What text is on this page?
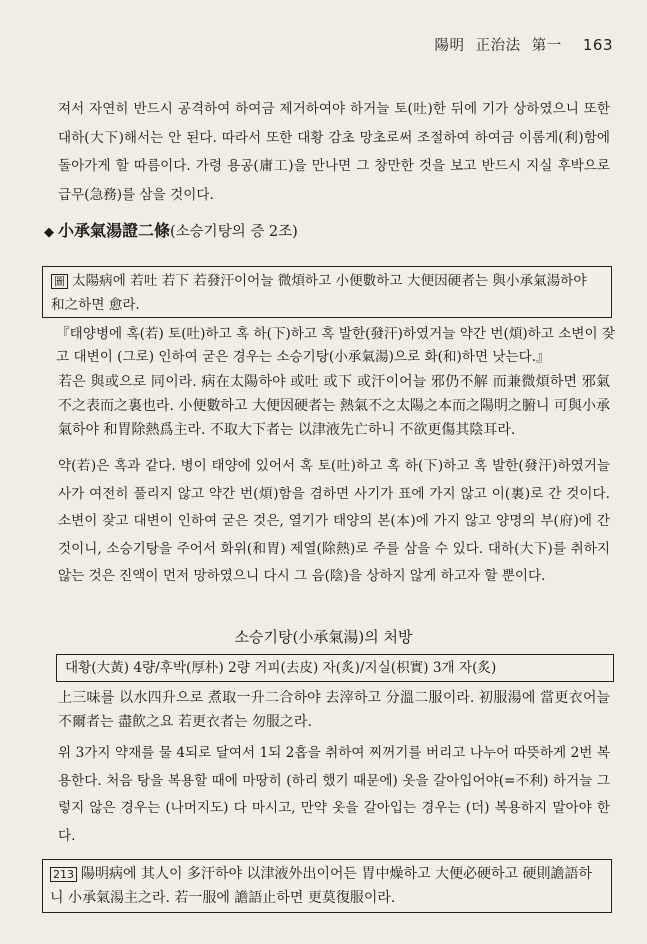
陽明 正治法 第一 163
져서 자연히 반드시 공격하여 하여금 제거하여야 하거늘 토(吐)한 뒤에 기가 상하였으니 또한 대하(大下)해서는 안 된다. 따라서 또한 대황 감초 망초로써 조절하여 하여금 이롬게(利)함에 돌아가게 할 따름이다. 가령 용공(庸工)을 만나면 그 창만한 것을 보고 반드시 지실 후박으로 급무(急務)를 삼을 것이다.
◆ 小承氣湯證二條(소승기탕의 증 2조)
圖 太陽病에 若吐 若下 若發汗이어늘 微煩하고 小便數하고 大便因硬者는 與小承氣湯하야 和之하면 愈라.
『태양병에 혹(若) 토(吐)하고 혹 하(下)하고 혹 발한(發汗)하였거늘 약간 번(煩)하고 소변이 잦고 대변이 (그로) 인하여 굳은 경우는 소승기탕(小承氣湯)으로 화(和)하면 낫는다.』
若은 與或으로 同이라. 病在太陽하야 或吐 或下 或汗이어늘 邪仍不解 而兼微煩하면 邪氣不之表而之裏也라. 小便數하고 大便因硬者는 熱氣不之太陽之本而之陽明之腑니 可與小承氣하야 和胃除熱爲主라. 不取大下者는 以津液先亡하니 不欲更傷其陰耳라.
약(若)은 혹과 같다. 병이 태양에 있어서 혹 토(吐)하고 혹 하(下)하고 혹 발한(發汗)하였거늘 사가 여전히 풀리지 않고 약간 번(煩)함을 겸하면 사기가 표에 가지 않고 이(裏)로 간 것이다. 소변이 잦고 대변이 인하여 굳은 것은, 열기가 태양의 본(本)에 가지 않고 양명의 부(府)에 간 것이니, 소승기탕을 주어서 화위(和胃) 제열(除熱)로 주를 삼을 수 있다. 대하(大下)를 취하지 않는 것은 진액이 먼저 망하였으니 다시 그 음(陰)을 상하지 않게 하고자 할 뿐이다.
소승기탕(小承氣湯)의 처방
대황(大黃) 4량/후박(厚朴) 2량 거피(去皮) 자(炙)/지실(枳實) 3개 자(炙)
上三味를 以水四升으로 煮取一升二合하야 去滓하고 分溫二服이라. 初服湯에 當更衣어늘 不爾者는 盡飮之요 若更衣者는 勿服之라.
위 3가지 약재를 물 4되로 달여서 1되 2홉을 취하여 찌꺼기를 버리고 나누어 따뜻하게 2번 복용한다. 처음 탕을 복용할 때에 마땅히 (하리 했기 때문에) 옷을 갈아입어야(=不利) 하거늘 그렇지 않은 경우는 (나머지도) 다 마시고, 만약 옷을 갈아입는 경우는 (더) 복용하지 말아야 한다.
213 陽明病에 其人이 多汗하야 以津液外出이어든 胃中燥하고 大便必硬하고 硬則譫語하니 小承氣湯主之라. 若一服에 譫語止하면 更莫復服이라.
